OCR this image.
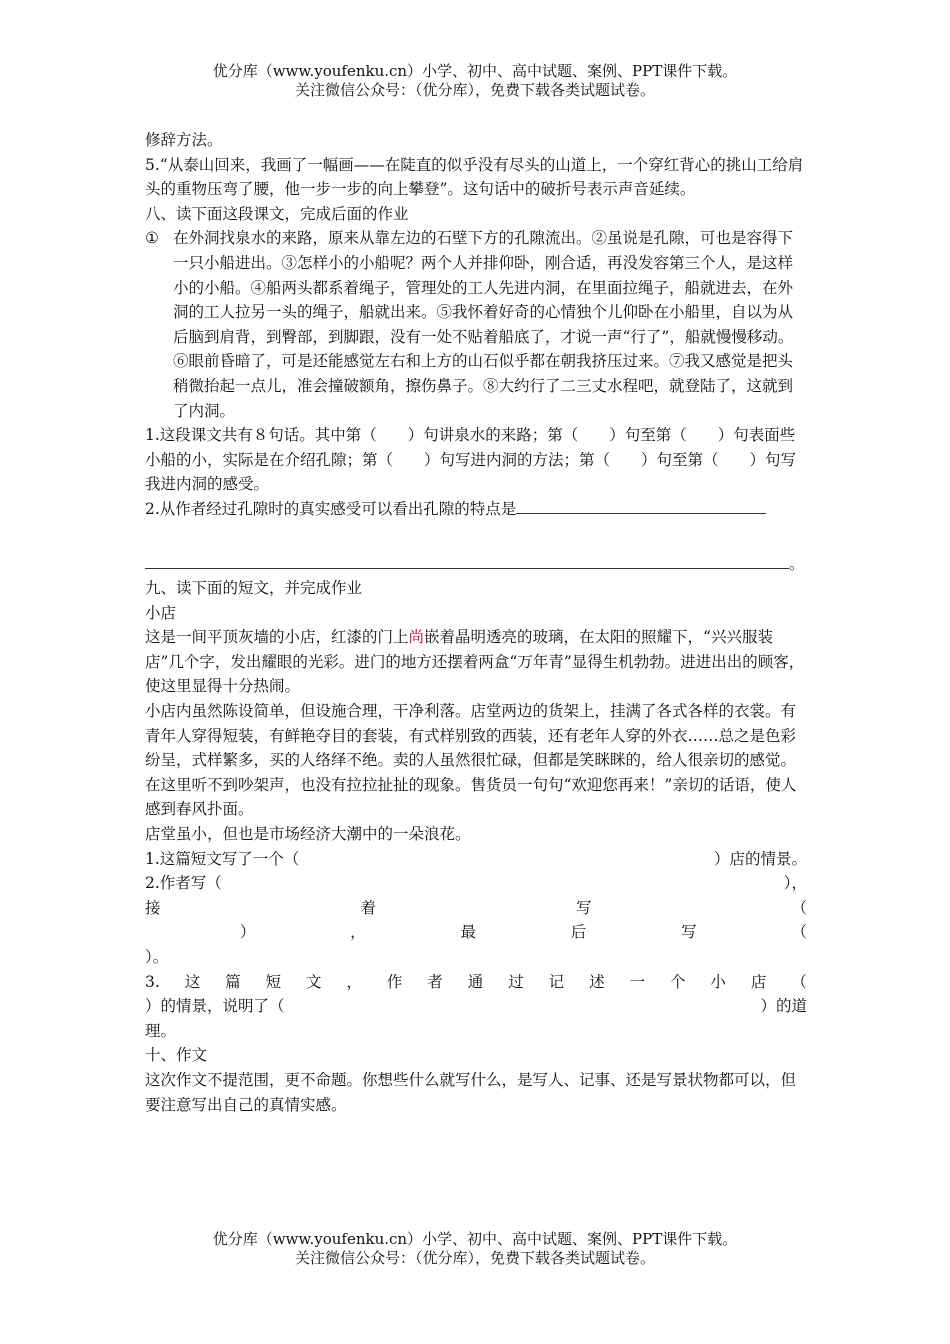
优分库（www.youfenku.cn）小学、初中、高中试题、案例、PPT课件下载。
关注微信公众号：（优分库），免费下载各类试题试卷。

修辞方法。

5.“从泰山回来，我画了一幅画——在陡直的似乎没有尽头的山道上，一个穿红背心的挑山工给肩头的重物压弯了腰，他一步一步的向上攀登”。这句话中的破折号表示声音延续。

八、读下面这段课文，完成后面的作业

① 在外洞找泉水的来路，原来从靠左边的石壁下方的孔隙流出。②虽说是孔隙，可也是容得下一只小船进出。③怎样小的小船呢？两个人并排仰卧，刚合适，再没发容第三个人，是这样小的小船。④船两头都系着绳子，管理处的工人先进内洞，在里面拉绳子，船就进去，在外洞的工人拉另一头的绳子，船就出来。⑤我怀着好奇的心情独个儿仰卧在小船里，自以为从后脑到肩背，到臀部，到脚跟，没有一处不贴着船底了，才说一声“行了”，船就慢慢移动。⑥眼前昏暗了，可是还能感觉左右和上方的山石似乎都在朝我挤压过来。⑦我又感觉是把头稍微抬起一点儿，准会撞破额角，擦伤鼻子。⑧大约行了二三丈水程吧，就登陆了，这就到了内洞。

1.这段课文共有８句话。其中第（　　）句讲泉水的来路；第（　　）句至第（　　）句表面些小船的小，实际是在介绍孔隙；第（　　）句写进内洞的方法；第（　　）句至第（　　）句写我进内洞的感受。

2.从作者经过孔隙时的真实感受可以看出孔隙的特点是

。

九、读下面的短文，并完成作业

小店

这是一间平顶灰墙的小店，红漆的门上尚嵌着晶明透亮的玻璃，在太阳的照耀下，“兴兴服装店”几个字，发出耀眼的光彩。进门的地方还摆着两盒“万年青”显得生机勃勃。进进出出的顾客，使这里显得十分热闹。

小店内虽然陈设简单，但设施合理，干净利落。店堂两边的货架上，挂满了各式各样的衣裳。有青年人穿得短装，有鲜艳夺目的套装，有式样别致的西装，还有老年人穿的外衣……总之是色彩纷呈，式样繁多，买的人络绎不绝。卖的人虽然很忙碌，但都是笑眯眯的，给人很亲切的感觉。在这里听不到吵架声，也没有拉拉扯扯的现象。售货员一句句“欢迎您再来！”亲切的话语，使人感到春风扑面。

店堂虽小，但也是市场经济大潮中的一朵浪花。

1.这篇短文写了一个（	）店的情景。
2.作者写（	），
接	着	写	（
）	，	最	后	写	（

）。

3. 这 篇 短 文 ， 作 者 通 过 记 述 一 个 小 店 （
）的情景，说明了（	）的道

理。

十、作文

这次作文不提范围，更不命题。你想些什么就写什么，是写人、记事、还是写景状物都可以，但要注意写出自己的真情实感。

优分库（www.youfenku.cn）小学、初中、高中试题、案例、PPT课件下载。
关注微信公众号：（优分库），免费下载各类试题试卷。
